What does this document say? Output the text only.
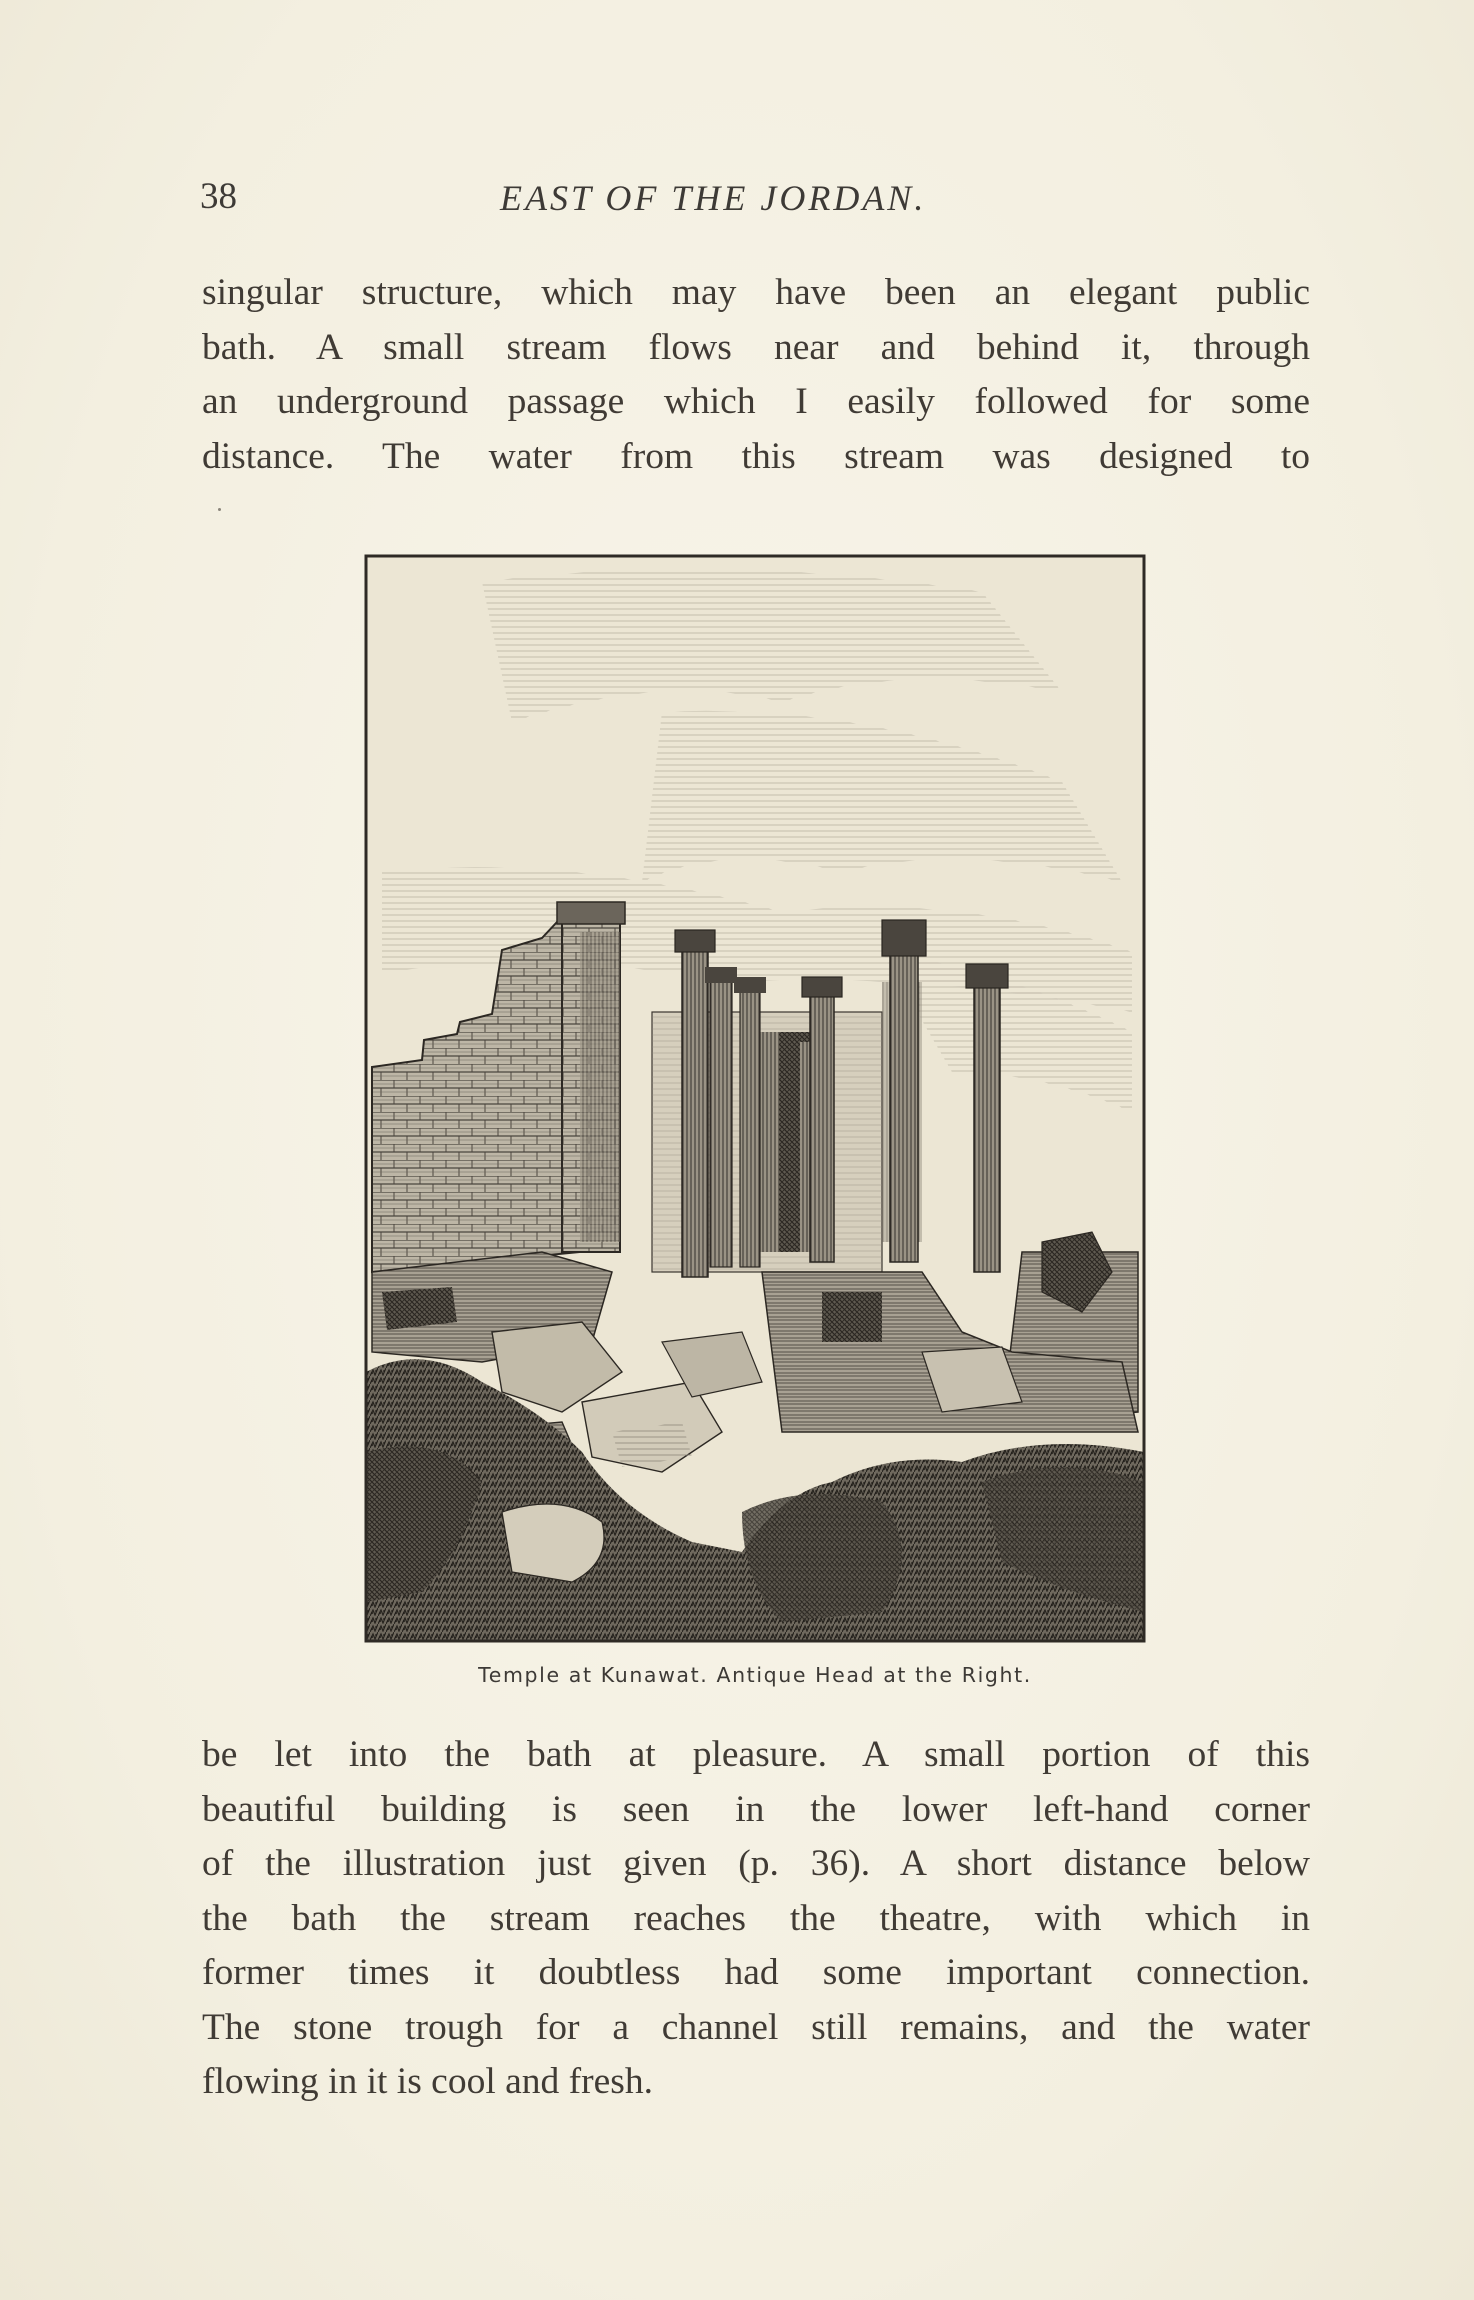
38	EAST OF THE JORDAN.
singular structure, which may have been an elegant public
bath. A small stream flows near and behind it, through
an underground passage which I easily followed for some
distance. The water from this stream was designed to
Temple at Kunawat. Antique Head at the Right.
be let into the bath at pleasure. A small portion of this
beautiful building is seen in the lower left-hand corner
of the illustration just given (p. 36). A short distance below
the bath the stream reaches the theatre, with which in
former times it doubtless had some important connection.
The stone trough for a channel still remains, and the water
flowing in it is cool and fresh.
